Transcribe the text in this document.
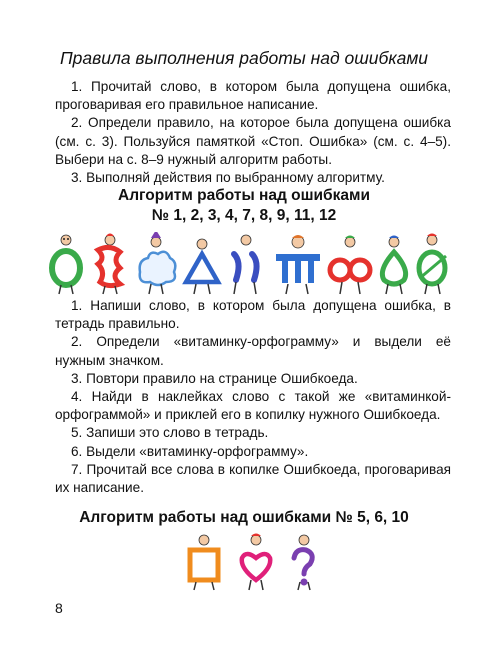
Правила выполнения работы над ошибками

1. Прочитай слово, в котором была допущена ошибка, проговаривая его правильное написание.

2. Определи правило, на которое была допущена ошибка (см. с. 3). Пользуйся памяткой «Стоп. Ошибка» (см. с. 4–5). Выбери на с. 8–9 нужный алгоритм работы.

3. Выполняй действия по выбранному алгоритму.

Алгоритм работы над ошибками
№ 1, 2, 3, 4, 7, 8, 9, 11, 12

1. Напиши слово, в котором была допущена ошибка, в тетрадь правильно.

2. Определи «витаминку-орфограмму» и выдели её нужным значком.

3. Повтори правило на странице Ошибкоеда.

4. Найди в наклейках слово с такой же «витаминкой-орфограммой» и приклей его в копилку нужного Ошибкоеда.

5. Запиши это слово в тетрадь.

6. Выдели «витаминку-орфограмму».

7. Прочитай все слова в копилке Ошибкоеда, проговаривая их написание.

Алгоритм работы над ошибками № 5, 6, 10
8
